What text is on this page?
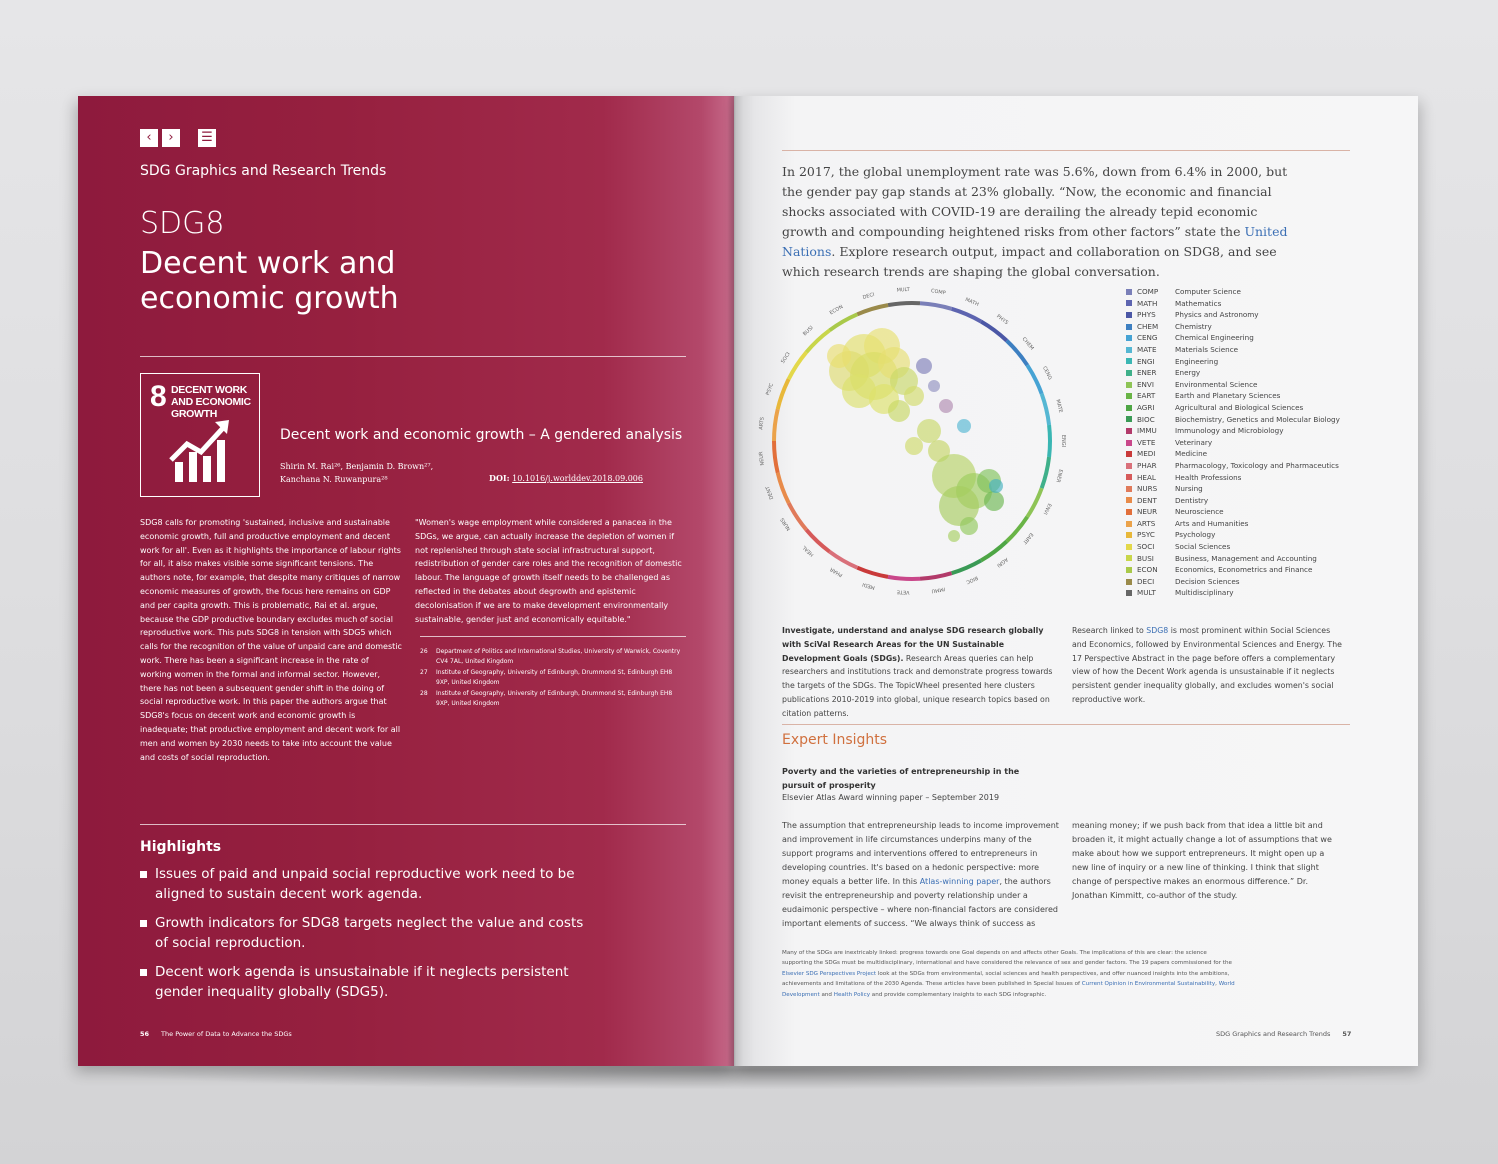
‹	›	☰
SDG Graphics and Research Trends
SDG8
Decent work and economic growth
8 DECENT WORK AND ECONOMIC GROWTH
Decent work and economic growth – A gendered analysis
Shirin M. Rai²⁶, Benjamin D. Brown²⁷,
Kanchana N. Ruwanpura²⁸	DOI: 10.1016/j.worlddev.2018.09.006
SDG8 calls for promoting 'sustained, inclusive and sustainable economic growth, full and productive employment and decent work for all'. Even as it highlights the importance of labour rights for all, it also makes visible some significant tensions. The authors note, for example, that despite many critiques of narrow economic measures of growth, the focus here remains on GDP and per capita growth. This is problematic, Rai et al. argue, because the GDP productive boundary excludes much of social reproductive work. This puts SDG8 in tension with SDG5 which calls for the recognition of the value of unpaid care and domestic work. There has been a significant increase in the rate of working women in the formal and informal sector. However, there has not been a subsequent gender shift in the doing of social reproductive work. In this paper the authors argue that SDG8's focus on decent work and economic growth is inadequate; that productive employment and decent work for all men and women by 2030 needs to take into account the value and costs of social reproduction.
"Women's wage employment while considered a panacea in the SDGs, we argue, can actually increase the depletion of women if not replenished through state social infrastructural support, redistribution of gender care roles and the recognition of domestic labour. The language of growth itself needs to be challenged as reflected in the debates about degrowth and epistemic decolonisation if we are to make development environmentally sustainable, gender just and economically equitable."
26	Department of Politics and International Studies, University of Warwick, Coventry CV4 7AL, United Kingdom
27	Institute of Geography, University of Edinburgh, Drummond St, Edinburgh EH8 9XP, United Kingdom
28	Institute of Geography, University of Edinburgh, Drummond St, Edinburgh EH8 9XP, United Kingdom
Highlights
Issues of paid and unpaid social reproductive work need to be aligned to sustain decent work agenda.
Growth indicators for SDG8 targets neglect the value and costs of social reproduction.
Decent work agenda is unsustainable if it neglects persistent gender inequality globally (SDG5).
56 The Power of Data to Advance the SDGs
In 2017, the global unemployment rate was 5.6%, down from 6.4% in 2000, but the gender pay gap stands at 23% globally. “Now, the economic and financial shocks associated with COVID-19 are derailing the already tepid economic growth and compounding heightened risks from other factors” state the United Nations. Explore research output, impact and collaboration on SDG8, and see which research trends are shaping the global conversation.
MULT	COMP
MATH
PHYS
CHEM
CENG
MATE
ENGI
ENER
ENVI
EART
AGRI
BIOC
IMMU
VETE
MEDI
PHAR
HEAL
NURS
DENT
NEUR
ARTS
PSYC
SOCI
BUSI
ECON
DECI
COMP	Computer Science
MATH	Mathematics
PHYS	Physics and Astronomy
CHEM	Chemistry
CENG	Chemical Engineering
MATE	Materials Science
ENGI	Engineering
ENER	Energy
ENVI	Environmental Science
EART	Earth and Planetary Sciences
AGRI	Agricultural and Biological Sciences
BIOC	Biochemistry, Genetics and Molecular Biology
IMMU	Immunology and Microbiology
VETE	Veterinary
MEDI	Medicine
PHAR	Pharmacology, Toxicology and Pharmaceutics
HEAL	Health Professions
NURS	Nursing
DENT	Dentistry
NEUR	Neuroscience
ARTS	Arts and Humanities
PSYC	Psychology
SOCI	Social Sciences
BUSI	Business, Management and Accounting
ECON	Economics, Econometrics and Finance
DECI	Decision Sciences
MULT	Multidisciplinary
Investigate, understand and analyse SDG research globally with SciVal Research Areas for the UN Sustainable Development Goals (SDGs). Research Areas queries can help researchers and institutions track and demonstrate progress towards the targets of the SDGs. The TopicWheel presented here clusters publications 2010-2019 into global, unique research topics based on citation patterns.
Research linked to SDG8 is most prominent within Social Sciences and Economics, followed by Environmental Sciences and Energy. The 17 Perspective Abstract in the page before offers a complementary view of how the Decent Work agenda is unsustainable if it neglects persistent gender inequality globally, and excludes women's social reproductive work.
Expert Insights
Poverty and the varieties of entrepreneurship in the pursuit of prosperity
Elsevier Atlas Award winning paper – September 2019
The assumption that entrepreneurship leads to income improvement and improvement in life circumstances underpins many of the support programs and interventions offered to entrepreneurs in developing countries. It's based on a hedonic perspective: more money equals a better life. In this Atlas-winning paper, the authors revisit the entrepreneurship and poverty relationship under a eudaimonic perspective – where non-financial factors are considered important elements of success. “We always think of success as
meaning money; if we push back from that idea a little bit and broaden it, it might actually change a lot of assumptions that we make about how we support entrepreneurs. It might open up a new line of inquiry or a new line of thinking. I think that slight change of perspective makes an enormous difference.” Dr. Jonathan Kimmitt, co-author of the study.
Many of the SDGs are inextricably linked: progress towards one Goal depends on and affects other Goals. The implications of this are clear: the science supporting the SDGs must be multidisciplinary, international and have considered the relevance of sex and gender factors. The 19 papers commissioned for the Elsevier SDG Perspectives Project look at the SDGs from environmental, social sciences and health perspectives, and offer nuanced insights into the ambitions, achievements and limitations of the 2030 Agenda. These articles have been published in Special Issues of Current Opinion in Environmental Sustainability, World Development and Health Policy and provide complementary insights to each SDG infographic.
SDG Graphics and Research Trends 57
